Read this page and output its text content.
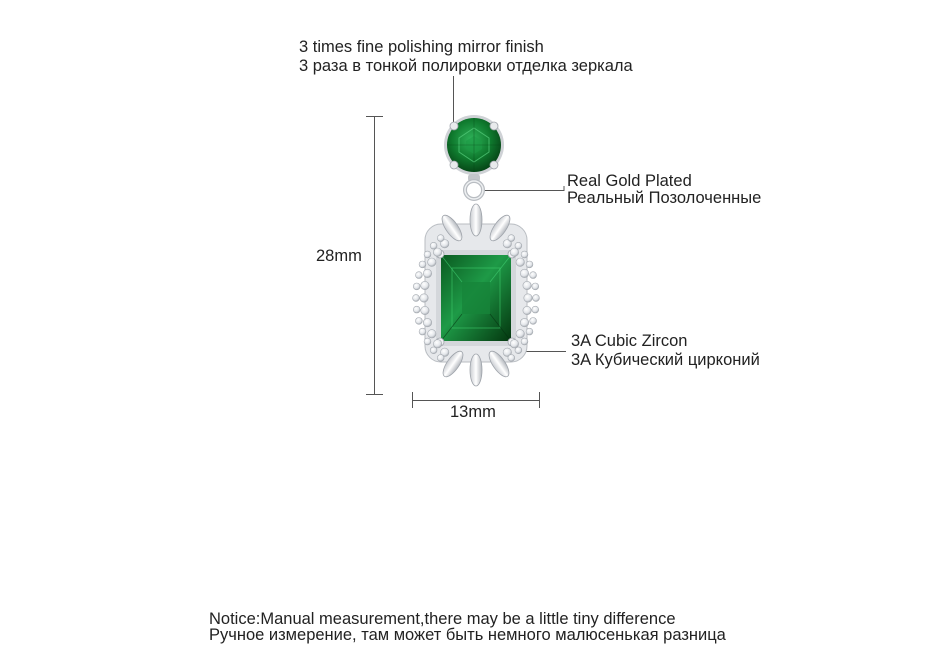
3 times fine polishing mirror finish

3 раза в тонкой полировки отделка зеркала

Real Gold Plated

Реальный Позолоченные

3A Cubic Zircon

3A Кубический цирконий

28mm

13mm

Notice:Manual measurement,there may be a little tiny difference

Ручное измерение, там может быть немного малюсенькая разница
